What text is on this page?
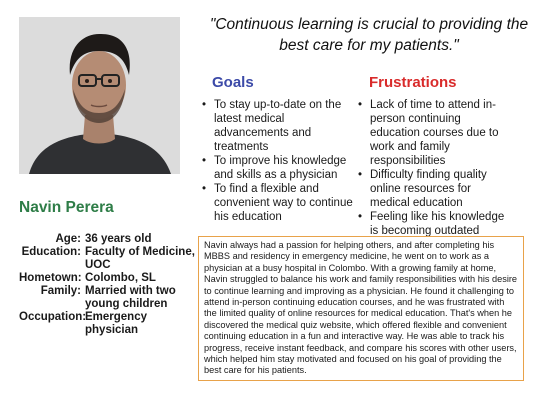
"Continuous learning is crucial to providing the best care for my patients."
Goals
• To stay up-to-date on the latest medical advancements and treatments
• To improve his knowledge and skills as a physician
• To find a flexible and convenient way to continue his education
Frustrations
• Lack of time to attend in-person continuing education courses due to work and family responsibilities
• Difficulty finding quality online resources for medical education
• Feeling like his knowledge is becoming outdated
Navin Perera
Age: 36 years old
Education: Faculty of Medicine, UOC
Hometown: Colombo, SL
Family: Married with two young children
Occupation:
Emergency physician
Navin always had a passion for helping others, and after completing his MBBS and residency in emergency medicine, he went on to work as a physician at a busy hospital in Colombo. With a growing family at home, Navin struggled to balance his work and family responsibilities with his desire to continue learning and improving as a physician. He found it challenging to attend in-person continuing education courses, and he was frustrated with the limited quality of online resources for medical education. That's when he discovered the medical quiz website, which offered flexible and convenient continuing education in a fun and interactive way. He was able to track his progress, receive instant feedback, and compare his scores with other users, which helped him stay motivated and focused on his goal of providing the best care for his patients.
